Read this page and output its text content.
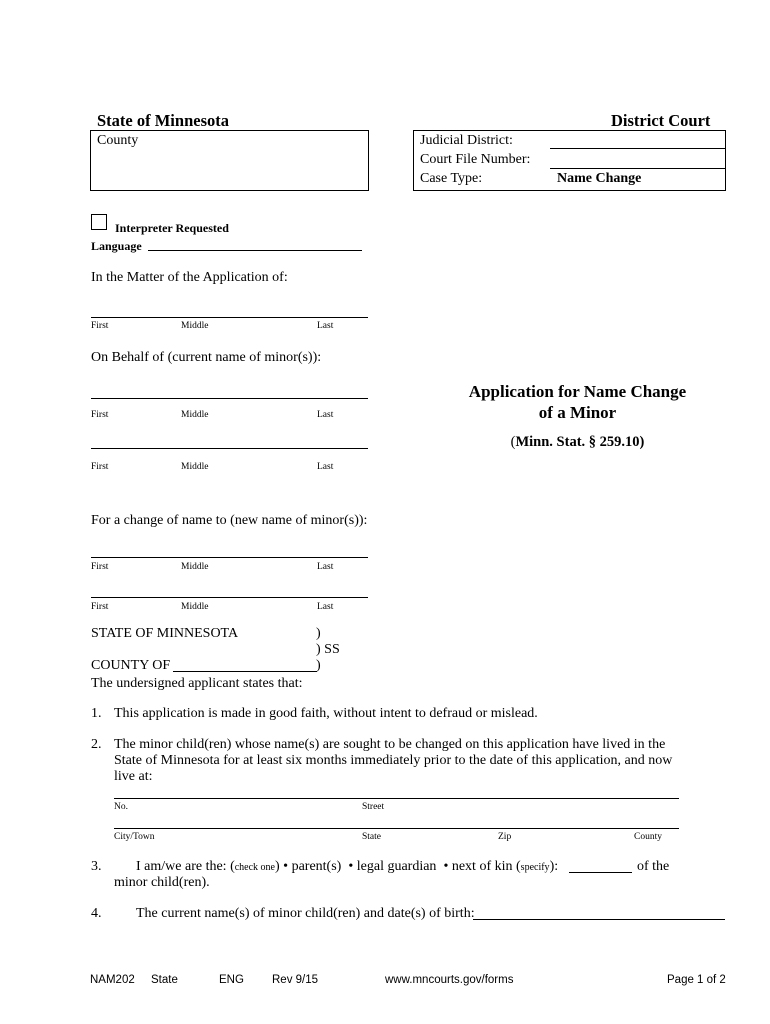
State of Minnesota	District Court
County	Judicial District:
Court File Number:
Case Type:	Name Change
Interpreter Requested
Language
In the Matter of the Application of:
First	Middle	Last
On Behalf of (current name of minor(s)):
First	Middle	Last
First	Middle	Last
Application for Name Change
of a Minor
(Minn. Stat. § 259.10)
For a change of name to (new name of minor(s)):
First	Middle	Last
First	Middle	Last
STATE OF MINNESOTA	)
) SS
COUNTY OF	)
The undersigned applicant states that:
1. This application is made in good faith, without intent to defraud or mislead.
2. The minor child(ren) whose name(s) are sought to be changed on this application have lived in the
State of Minnesota for at least six months immediately prior to the date of this application, and now
live at:
No.	Street
City/Town	State	Zip	County
3. I am/we are the: (check one) • parent(s) • legal guardian • next of kin (specify):	of the
minor child(ren).
4. The current name(s) of minor child(ren) and date(s) of birth:
NAM202 State	ENG Rev 9/15	www.mncourts.gov/forms	Page 1 of 2
